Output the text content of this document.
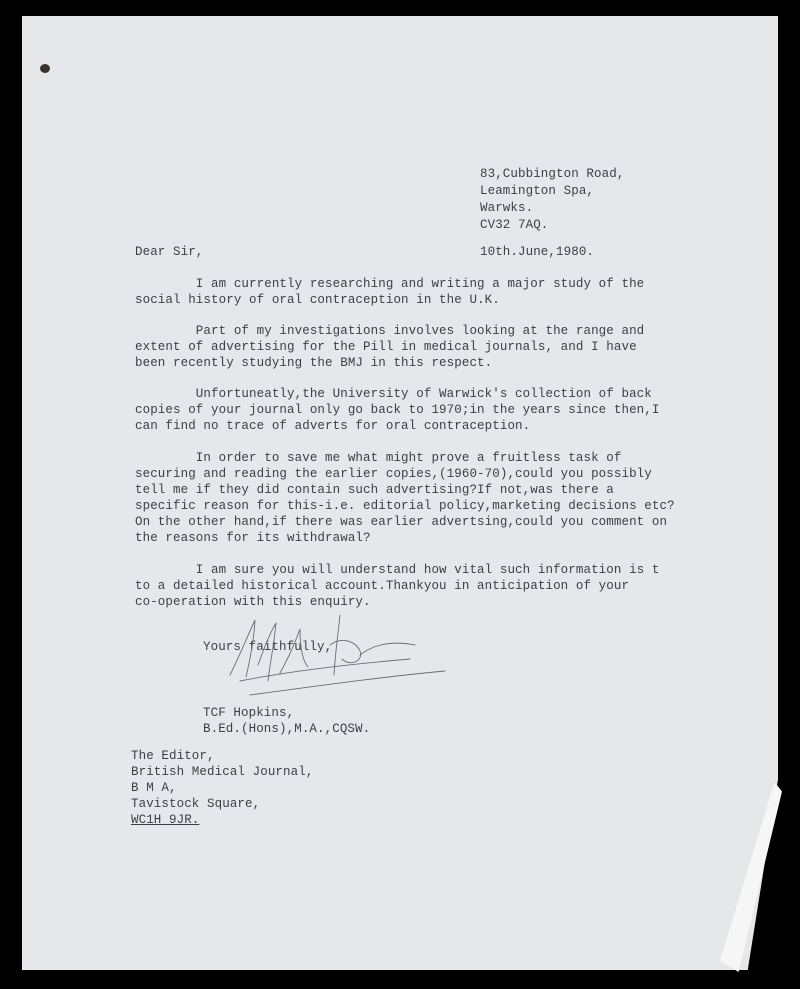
83,Cubbington Road,
Leamington Spa,
Warwks.
CV32 7AQ.
Dear Sir,	10th.June,1980.
I am currently researching and writing a major study of the
social history of oral contraception in the U.K.
Part of my investigations involves looking at the range and
extent of advertising for the Pill in medical journals, and I have
been recently studying the BMJ in this respect.
Unfortuneatly,the University of Warwick's collection of back
copies of your journal only go back to 1970;in the years since then,I
can find no trace of adverts for oral contraception.
In order to save me what might prove a fruitless task of
securing and reading the earlier copies,(1960-70),could you possibly
tell me if they did contain such advertising?If not,was there a
specific reason for this-i.e. editorial policy,marketing decisions etc?
On the other hand,if there was earlier advertsing,could you comment on
the reasons for its withdrawal?
I am sure you will understand how vital such information is t
to a detailed historical account.Thankyou in anticipation of your
co-operation with this enquiry.
Yours faithfully,
TCF Hopkins,
B.Ed.(Hons),M.A.,CQSW.
The Editor,
British Medical Journal,
B M A,
Tavistock Square,
WC1H 9JR.
